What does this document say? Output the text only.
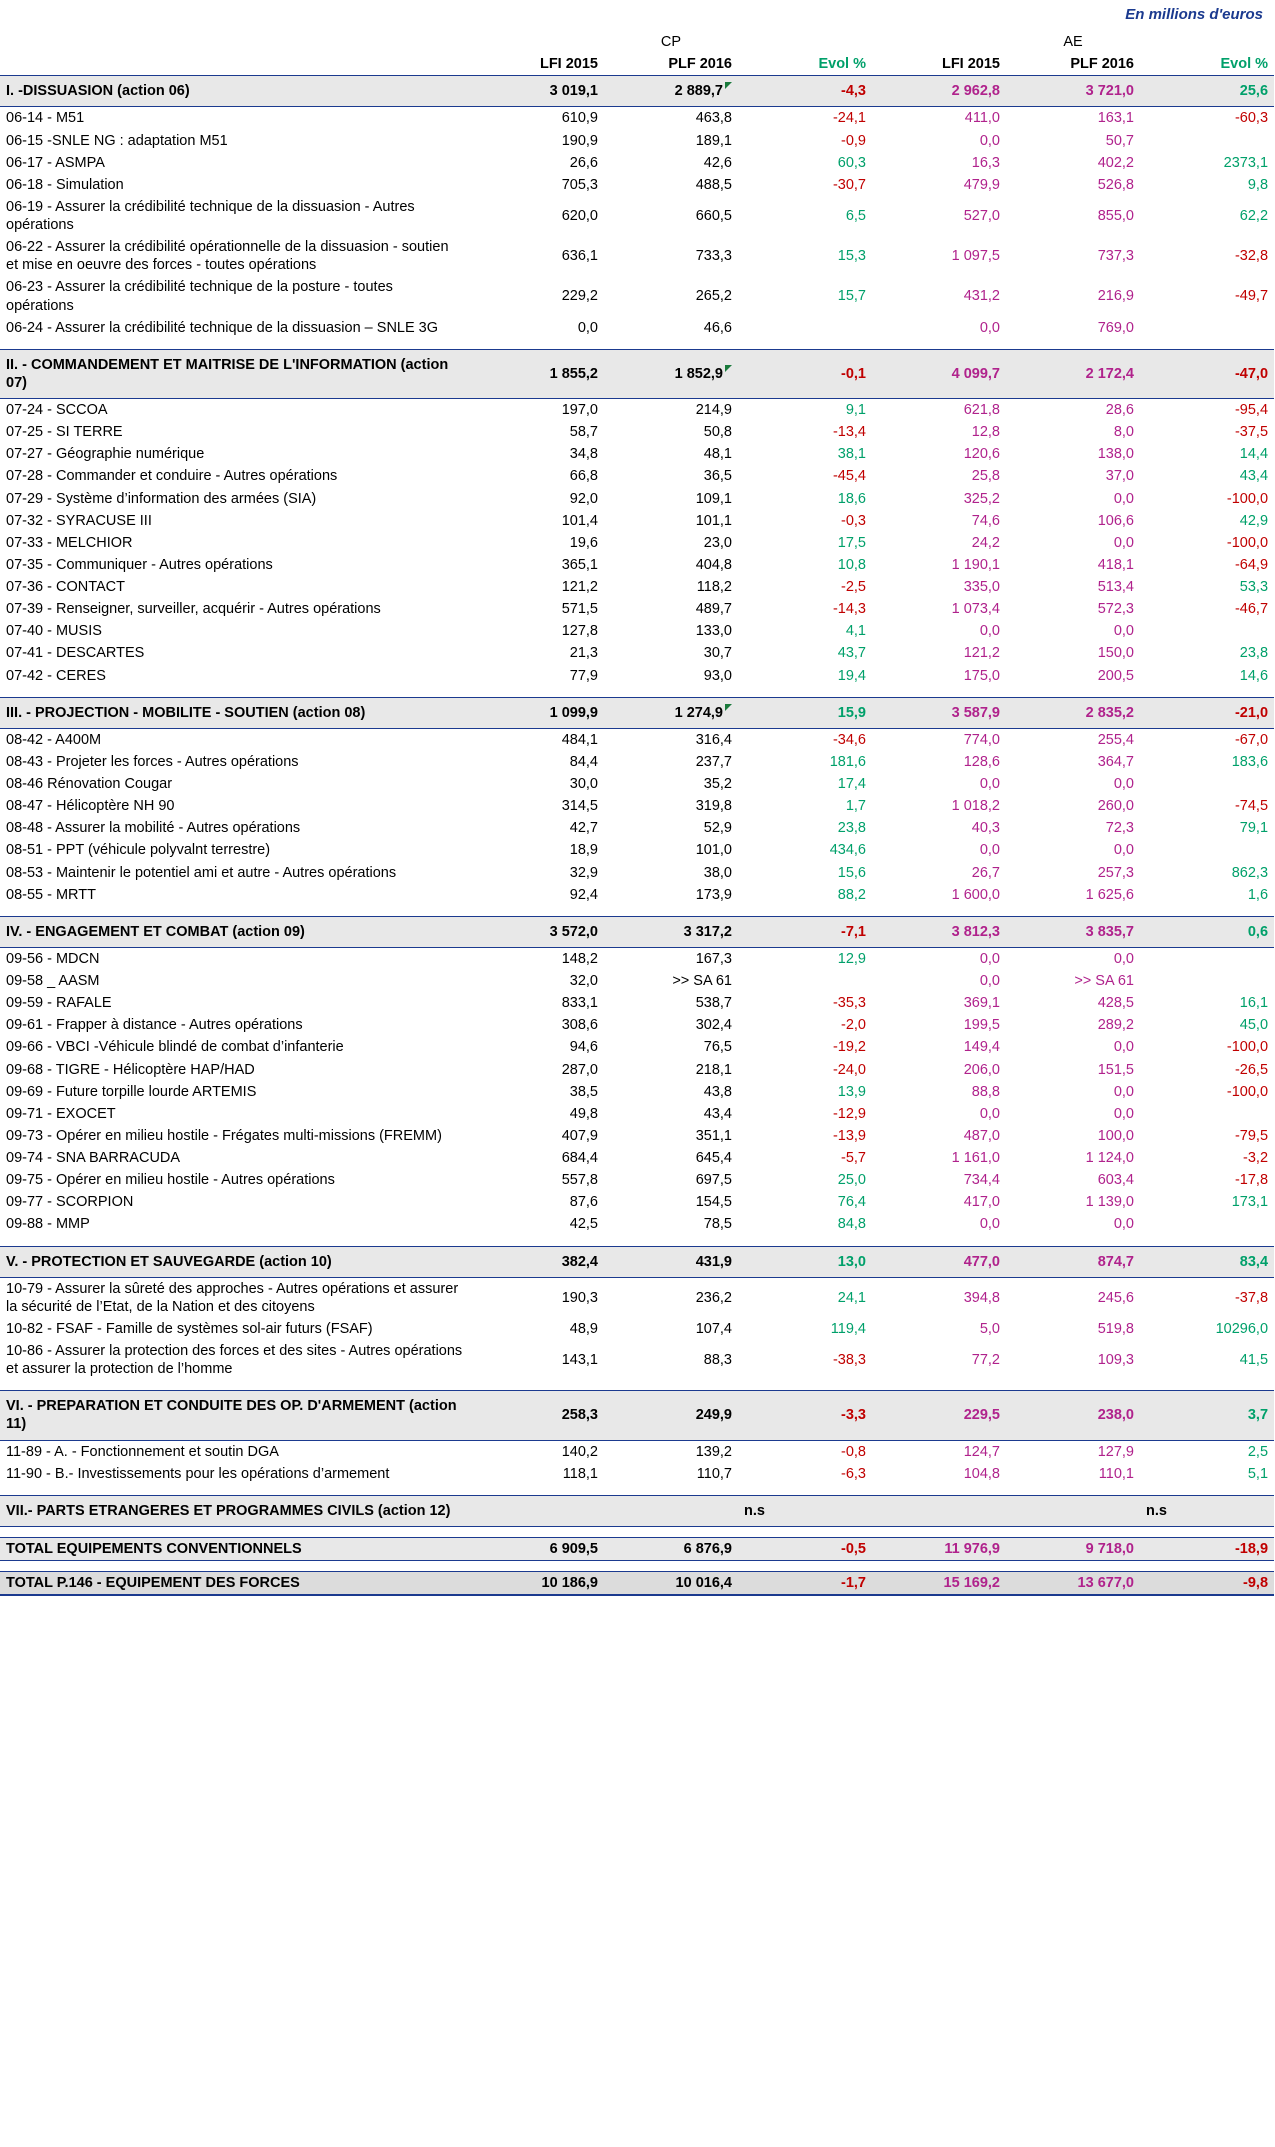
En millions d'euros
	CP			AE		
	LFI 2015	PLF 2016	Evol %	LFI 2015	PLF 2016	Evol %
I. -DISSUASION (action 06)	3 019,1	2 889,7	-4,3	2 962,8	3 721,0	25,6
06-14 - M51	610,9	463,8	-24,1	411,0	163,1	-60,3
06-15 -SNLE NG : adaptation M51	190,9	189,1	-0,9	0,0	50,7	
06-17 - ASMPA	26,6	42,6	60,3	16,3	402,2	2373,1
06-18 - Simulation	705,3	488,5	-30,7	479,9	526,8	9,8
06-19 - Assurer la crédibilité technique de la dissuasion - Autres opérations	620,0	660,5	6,5	527,0	855,0	62,2
06-22 - Assurer la crédibilité opérationnelle de la dissuasion - soutien et mise en oeuvre des forces - toutes opérations	636,1	733,3	15,3	1 097,5	737,3	-32,8
06-23 - Assurer la crédibilité technique de la posture - toutes opérations	229,2	265,2	15,7	431,2	216,9	-49,7
06-24 - Assurer la crédibilité technique de la dissuasion – SNLE 3G	0,0	46,6		0,0	769,0	

II. - COMMANDEMENT ET MAITRISE DE L'INFORMATION (action 07)	1 855,2	1 852,9	-0,1	4 099,7	2 172,4	-47,0
07-24 - SCCOA	197,0	214,9	9,1	621,8	28,6	-95,4
07-25 - SI TERRE	58,7	50,8	-13,4	12,8	8,0	-37,5
07-27 - Géographie numérique	34,8	48,1	38,1	120,6	138,0	14,4
07-28 - Commander et conduire - Autres opérations	66,8	36,5	-45,4	25,8	37,0	43,4
07-29 - Système d’information des armées (SIA)	92,0	109,1	18,6	325,2	0,0	-100,0
07-32 - SYRACUSE III	101,4	101,1	-0,3	74,6	106,6	42,9
07-33 - MELCHIOR	19,6	23,0	17,5	24,2	0,0	-100,0
07-35 - Communiquer - Autres opérations	365,1	404,8	10,8	1 190,1	418,1	-64,9
07-36 - CONTACT	121,2	118,2	-2,5	335,0	513,4	53,3
07-39 - Renseigner, surveiller, acquérir - Autres opérations	571,5	489,7	-14,3	1 073,4	572,3	-46,7
07-40 - MUSIS	127,8	133,0	4,1	0,0	0,0	
07-41 - DESCARTES	21,3	30,7	43,7	121,2	150,0	23,8
07-42 - CERES	77,9	93,0	19,4	175,0	200,5	14,6

III. - PROJECTION - MOBILITE - SOUTIEN (action 08)	1 099,9	1 274,9	15,9	3 587,9	2 835,2	-21,0
08-42 - A400M	484,1	316,4	-34,6	774,0	255,4	-67,0
08-43 - Projeter les forces - Autres opérations	84,4	237,7	181,6	128,6	364,7	183,6
08-46 Rénovation Cougar	30,0	35,2	17,4	0,0	0,0	
08-47 - Hélicoptère NH 90	314,5	319,8	1,7	1 018,2	260,0	-74,5
08-48 - Assurer la mobilité - Autres opérations	42,7	52,9	23,8	40,3	72,3	79,1
08-51 - PPT (véhicule polyvalnt terrestre)	18,9	101,0	434,6	0,0	0,0	
08-53 - Maintenir le potentiel ami et autre - Autres opérations	32,9	38,0	15,6	26,7	257,3	862,3
08-55 - MRTT	92,4	173,9	88,2	1 600,0	1 625,6	1,6

IV. - ENGAGEMENT ET COMBAT (action 09)	3 572,0	3 317,2	-7,1	3 812,3	3 835,7	0,6
09-56 - MDCN	148,2	167,3	12,9	0,0	0,0	
09-58 _ AASM	32,0	>> SA 61		0,0	>> SA 61	
09-59 - RAFALE	833,1	538,7	-35,3	369,1	428,5	16,1
09-61 - Frapper à distance - Autres opérations	308,6	302,4	-2,0	199,5	289,2	45,0
09-66 - VBCI -Véhicule blindé de combat d’infanterie	94,6	76,5	-19,2	149,4	0,0	-100,0
09-68 - TIGRE - Hélicoptère HAP/HAD	287,0	218,1	-24,0	206,0	151,5	-26,5
09-69 - Future torpille lourde ARTEMIS	38,5	43,8	13,9	88,8	0,0	-100,0
09-71 - EXOCET	49,8	43,4	-12,9	0,0	0,0	
09-73 - Opérer en milieu hostile - Frégates multi-missions (FREMM)	407,9	351,1	-13,9	487,0	100,0	-79,5
09-74 - SNA BARRACUDA	684,4	645,4	-5,7	1 161,0	1 124,0	-3,2
09-75 - Opérer en milieu hostile - Autres opérations	557,8	697,5	25,0	734,4	603,4	-17,8
09-77 - SCORPION	87,6	154,5	76,4	417,0	1 139,0	173,1
09-88 - MMP	42,5	78,5	84,8	0,0	0,0	

V. - PROTECTION ET SAUVEGARDE (action 10)	382,4	431,9	13,0	477,0	874,7	83,4
10-79 - Assurer la sûreté des approches - Autres opérations et assurer la sécurité de l’Etat, de la Nation et des citoyens	190,3	236,2	24,1	394,8	245,6	-37,8
10-82 - FSAF - Famille de systèmes sol-air futurs (FSAF)	48,9	107,4	119,4	5,0	519,8	10296,0
10-86 - Assurer la protection des forces et des sites - Autres opérations et assurer la protection de l’homme	143,1	88,3	-38,3	77,2	109,3	41,5

VI. - PREPARATION ET CONDUITE DES OP. D'ARMEMENT (action 11)	258,3	249,9	-3,3	229,5	238,0	3,7
11-89 - A. - Fonctionnement et soutin DGA	140,2	139,2	-0,8	124,7	127,9	2,5
11-90 - B.- Investissements pour les opérations d’armement	118,1	110,7	-6,3	104,8	110,1	5,1

VII.- PARTS ETRANGERES ET PROGRAMMES CIVILS (action 12)			n.s			n.s

TOTAL EQUIPEMENTS CONVENTIONNELS	6 909,5	6 876,9	-0,5	11 976,9	9 718,0	-18,9

TOTAL P.146 - EQUIPEMENT DES FORCES	10 186,9	10 016,4	-1,7	15 169,2	13 677,0	-9,8
